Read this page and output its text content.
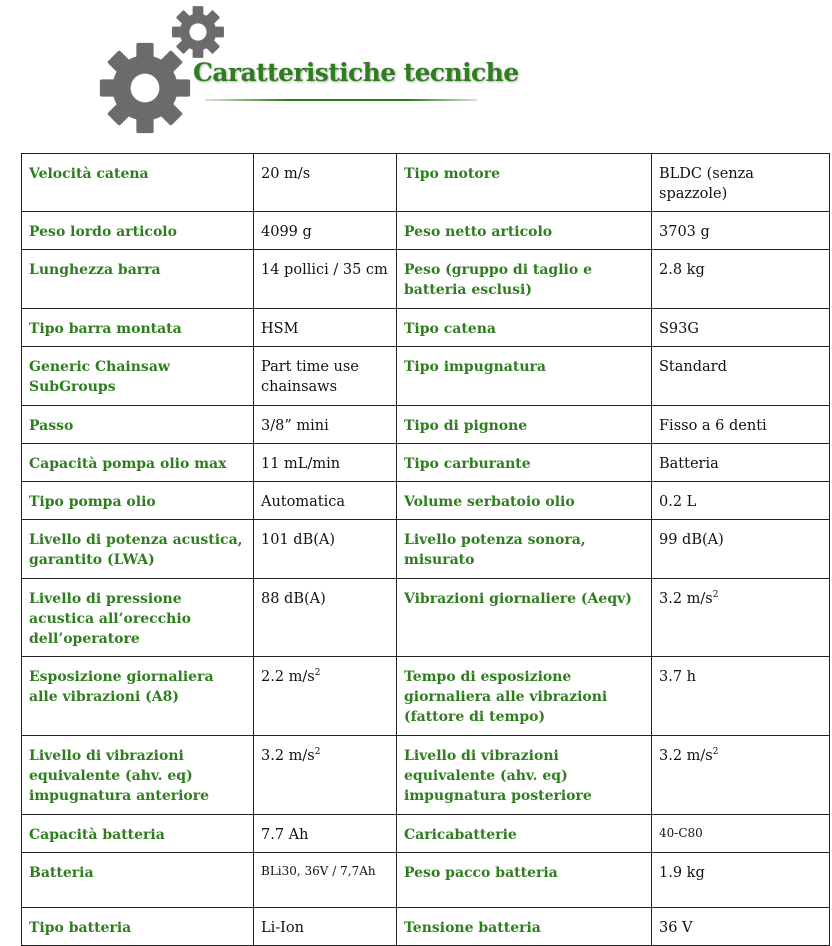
Caratteristiche tecniche
Velocità catena	20 m/s	Tipo motore	BLDC (senza spazzole)
Peso lordo articolo	4099 g	Peso netto articolo	3703 g
Lunghezza barra	14 pollici / 35 cm	Peso (gruppo di taglio e batteria esclusi)	2.8 kg
Tipo barra montata	HSM	Tipo catena	S93G
Generic Chainsaw SubGroups	Part time use chainsaws	Tipo impugnatura	Standard
Passo	3/8” mini	Tipo di pignone	Fisso a 6 denti
Capacità pompa olio max	11 mL/min	Tipo carburante	Batteria
Tipo pompa olio	Automatica	Volume serbatoio olio	0.2 L
Livello di potenza acustica, garantito (LWA)	101 dB(A)	Livello potenza sonora, misurato	99 dB(A)
Livello di pressione acustica all’orecchio dell’operatore	88 dB(A)	Vibrazioni giornaliere (Aeqv)	3.2 $m/s^2$
Esposizione giornaliera alle vibrazioni (A8)	2.2 $m/s^2$	Tempo di esposizione giornaliera alle vibrazioni (fattore di tempo)	3.7 h
Livello di vibrazioni equivalente (ahv. eq) impugnatura anteriore	3.2 $m/s^2$	Livello di vibrazioni equivalente (ahv. eq) impugnatura posteriore	3.2 $m/s^2$
Capacità batteria	7.7 Ah	Caricabatterie	40-C80
Batteria	BLi30, 36V / 7,7Ah	Peso pacco batteria	1.9 kg
Tipo batteria	Li-Ion	Tensione batteria	36 V
